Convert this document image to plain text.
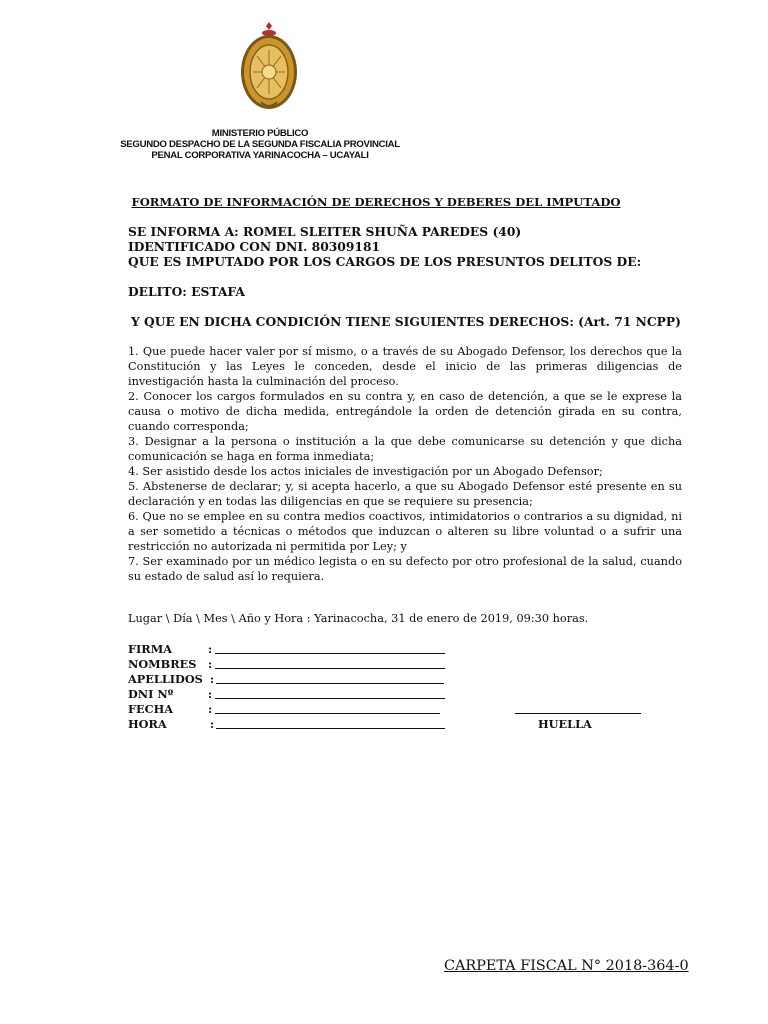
MINISTERIO PÚBLICO
SEGUNDO DESPACHO DE LA SEGUNDA FISCALIA PROVINCIAL
PENAL CORPORATIVA YARINACOCHA – UCAYALI
FORMATO DE INFORMACIÓN DE DERECHOS Y DEBERES DEL IMPUTADO
SE INFORMA A: ROMEL SLEITER SHUÑA PAREDES (40)
IDENTIFICADO CON DNI. 80309181
QUE ES IMPUTADO POR LOS CARGOS DE LOS PRESUNTOS DELITOS DE:
DELITO: ESTAFA
Y QUE EN DICHA CONDICIÓN TIENE SIGUIENTES DERECHOS: (Art. 71 NCPP)

1. Que puede hacer valer por sí mismo, o a través de su Abogado Defensor, los derechos que la Constitución y las Leyes le conceden, desde el inicio de las primeras diligencias de investigación hasta la culminación del proceso.

2. Conocer los cargos formulados en su contra y, en caso de detención, a que se le exprese la causa o motivo de dicha medida, entregándole la orden de detención girada en su contra, cuando corresponda;

3. Designar a la persona o institución a la que debe comunicarse su detención y que dicha comunicación se haga en forma inmediata;

4. Ser asistido desde los actos iniciales de investigación por un Abogado Defensor;

5. Abstenerse de declarar; y, si acepta hacerlo, a que su Abogado Defensor esté presente en su declaración y en todas las diligencias en que se requiere su presencia;

6. Que no se emplee en su contra medios coactivos, intimidatorios o contrarios a su dignidad, ni a ser sometido a técnicas o métodos que induzcan o alteren su libre voluntad o a sufrir una restricción no autorizada ni permitida por Ley; y

7. Ser examinado por un médico legista o en su defecto por otro profesional de la salud, cuando su estado de salud así lo requiera.

Lugar \ Día \ Mes \ Año y Hora : Yarinacocha, 31 de enero de 2019, 09:30 horas.
FIRMA	:
NOMBRES :
APELLIDOS :
DNI Nº	:
FECHA	:
HORA	:	HUELLA
CARPETA FISCAL N° 2018-364-0
